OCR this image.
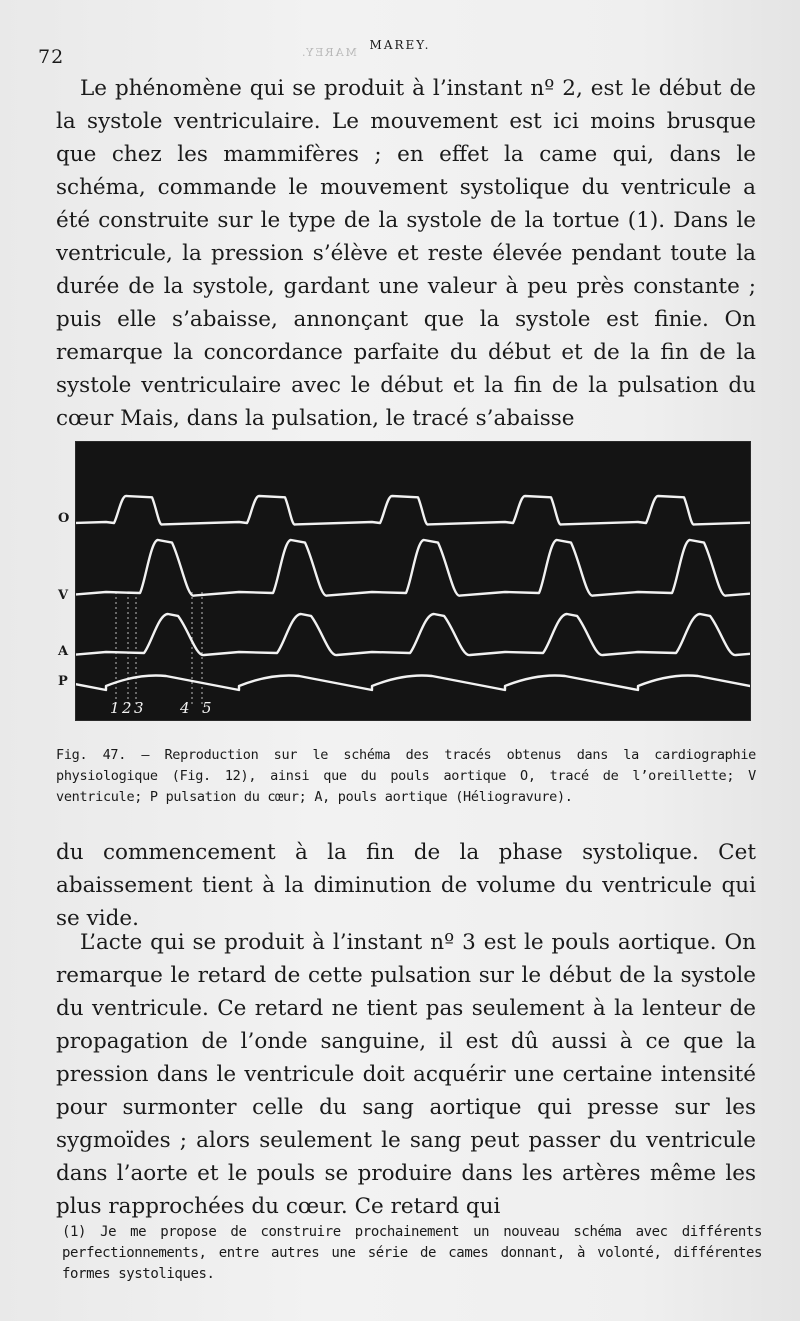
72
MAREY.
MAREY.

Le phénomène qui se produit à l’instant nº 2, est le début de la systole ventriculaire. Le mouvement est ici moins brusque que chez les mammifères ; en effet la came qui, dans le schéma, commande le mouvement systolique du ventricule a été construite sur le type de la systole de la tortue (1). Dans le ventricule, la pression s’élève et reste élevée pendant toute la durée de la systole, gardant une valeur à peu près constante ; puis elle s’abaisse, annonçant que la systole est finie. On remarque la concordance parfaite du début et de la fin de la systole ventriculaire avec le début et la fin de la pulsation du cœur Mais, dans la pulsation, le tracé s’abaisse

1 2 3 4 5
O
V
A
P
Fig. 47. — Reproduction sur le schéma des tracés obtenus dans la cardiographie physiologique (Fig. 12), ainsi que du pouls aortique O, tracé de l’oreillette; V ventricule; P pulsation du cœur; A, pouls aortique (Héliogravure).

du commencement à la fin de la phase systolique. Cet abaissement tient à la diminution de volume du ventricule qui se vide.

L’acte qui se produit à l’instant nº 3 est le pouls aortique. On remarque le retard de cette pulsation sur le début de la systole du ventricule. Ce retard ne tient pas seulement à la lenteur de propagation de l’onde sanguine, il est dû aussi à ce que la pression dans le ventricule doit acquérir une certaine intensité pour surmonter celle du sang aortique qui presse sur les sygmoïdes ; alors seulement le sang peut passer du ventricule dans l’aorte et le pouls se produire dans les artères même les plus rapprochées du cœur. Ce retard qui

(1) Je me propose de construire prochainement un nouveau schéma avec différents perfectionnements, entre autres une série de cames donnant, à volonté, différentes formes systoliques.
